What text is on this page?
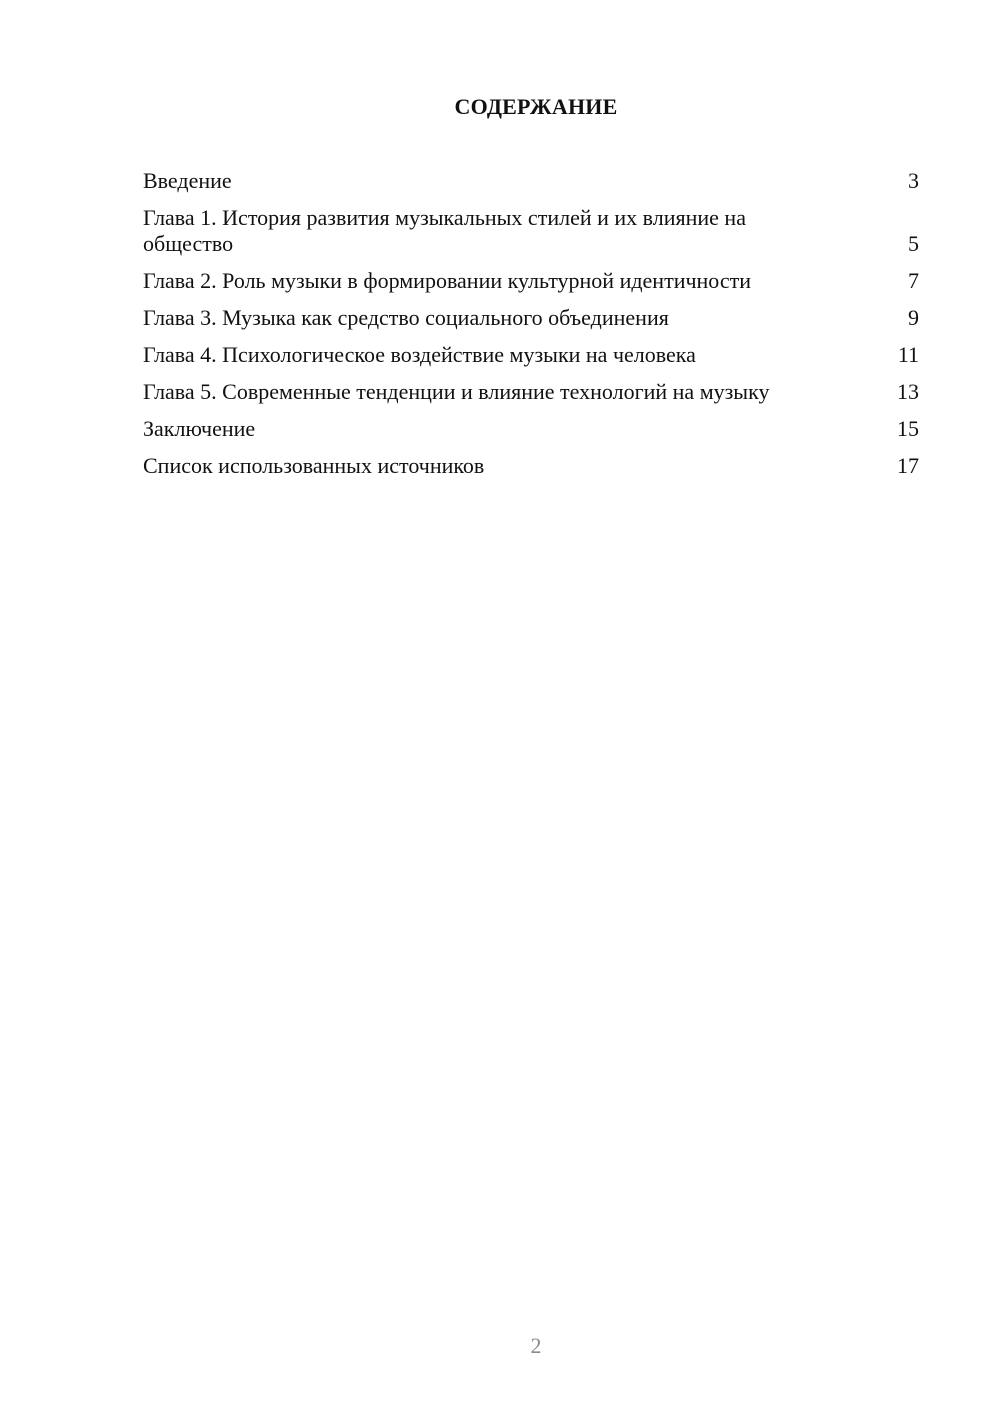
СОДЕРЖАНИЕ
Введение	3
Глава 1. История развития музыкальных стилей и их влияние на общество	5
Глава 2. Роль музыки в формировании культурной идентичности	7
Глава 3. Музыка как средство социального объединения	9
Глава 4. Психологическое воздействие музыки на человека	11
Глава 5. Современные тенденции и влияние технологий на музыку	13
Заключение	15
Список использованных источников	17
2
